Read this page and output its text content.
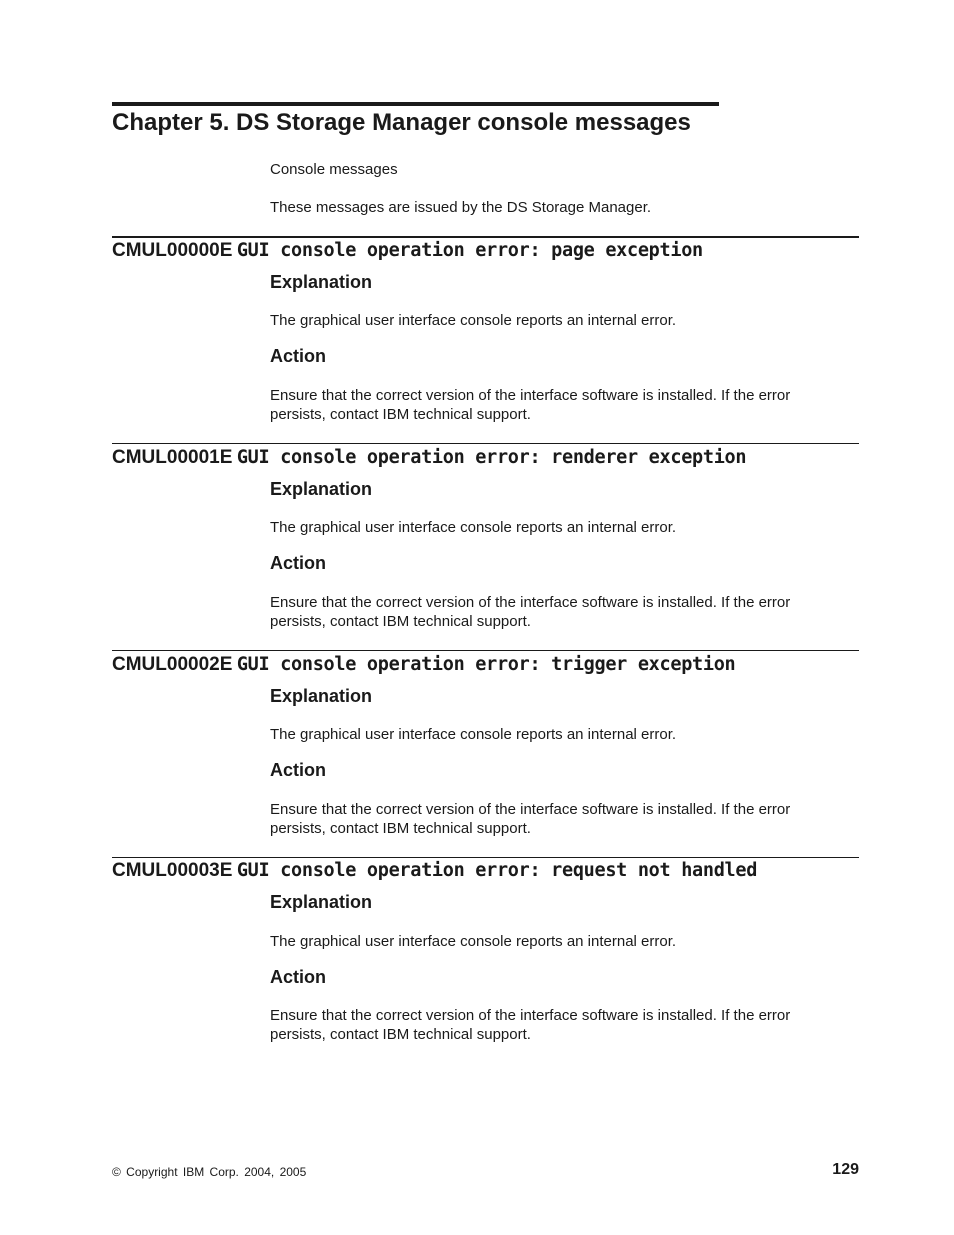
Chapter 5. DS Storage Manager console messages
Console messages
These messages are issued by the DS Storage Manager.
CMUL00000E GUI console operation error: page exception
Explanation
The graphical user interface console reports an internal error.
Action
Ensure that the correct version of the interface software is installed. If the error persists, contact IBM technical support.
CMUL00001E GUI console operation error: renderer exception
Explanation
The graphical user interface console reports an internal error.
Action
Ensure that the correct version of the interface software is installed. If the error persists, contact IBM technical support.
CMUL00002E GUI console operation error: trigger exception
Explanation
The graphical user interface console reports an internal error.
Action
Ensure that the correct version of the interface software is installed. If the error persists, contact IBM technical support.
CMUL00003E GUI console operation error: request not handled
Explanation
The graphical user interface console reports an internal error.
Action
Ensure that the correct version of the interface software is installed. If the error persists, contact IBM technical support.
© Copyright IBM Corp. 2004, 2005	129
